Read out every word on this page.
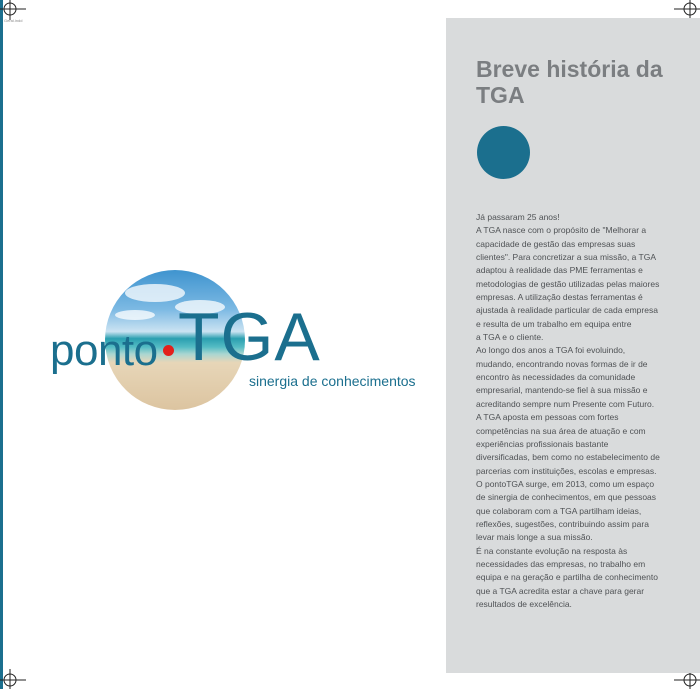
Geral.indd
ponto TGA
sinergia de conhecimentos
Breve história da TGA

Já passaram 25 anos!

A TGA nasce com o propósito de "Melhorar a capacidade de gestão das empresas suas clientes". Para concretizar a sua missão, a TGA adaptou à realidade das PME ferramentas e metodologias de gestão utilizadas pelas maiores empresas. A utilização destas ferramentas é ajustada à realidade particular de cada empresa e resulta de um trabalho em equipa entre

a TGA e o cliente.

Ao longo dos anos a TGA foi evoluindo, mudando, encontrando novas formas de ir de encontro às necessidades da comunidade empresarial, mantendo-se fiel à sua missão e acreditando sempre num Presente com Futuro.

A TGA aposta em pessoas com fortes competências na sua área de atuação e com experiências profissionais bastante diversificadas, bem como no estabelecimento de parcerias com instituições, escolas e empresas.

O pontoTGA surge, em 2013, como um espaço de sinergia de conhecimentos, em que pessoas que colaboram com a TGA partilham ideias, reflexões, sugestões, contribuindo assim para levar mais longe a sua missão.

É na constante evolução na resposta às necessidades das empresas, no trabalho em equipa e na geração e partilha de conhecimento que a TGA acredita estar a chave para gerar resultados de excelência.
